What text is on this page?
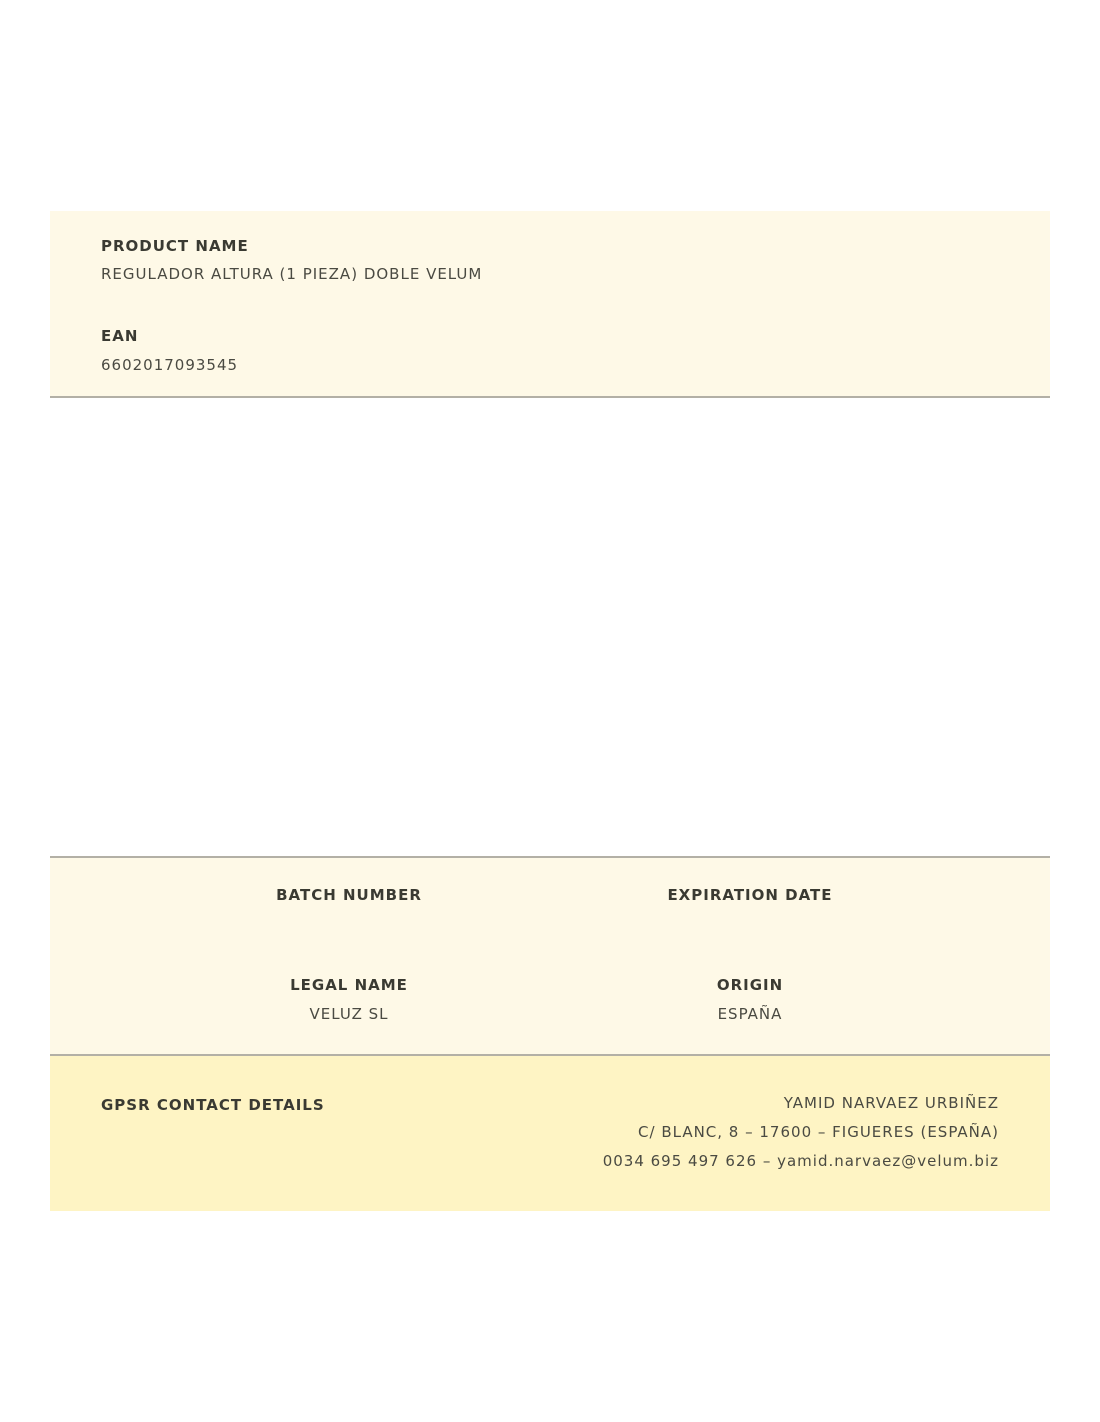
PRODUCT NAME
REGULADOR ALTURA (1 PIEZA) DOBLE VELUM
EAN
6602017093545
BATCH NUMBER	EXPIRATION DATE
LEGAL NAME
VELUZ SL
ORIGIN
ESPAÑA
GPSR CONTACT DETAILS	YAMID NARVAEZ URBIÑEZ
C/ BLANC, 8 – 17600 – FIGUERES (ESPAÑA)
0034 695 497 626 – yamid.narvaez@velum.biz
